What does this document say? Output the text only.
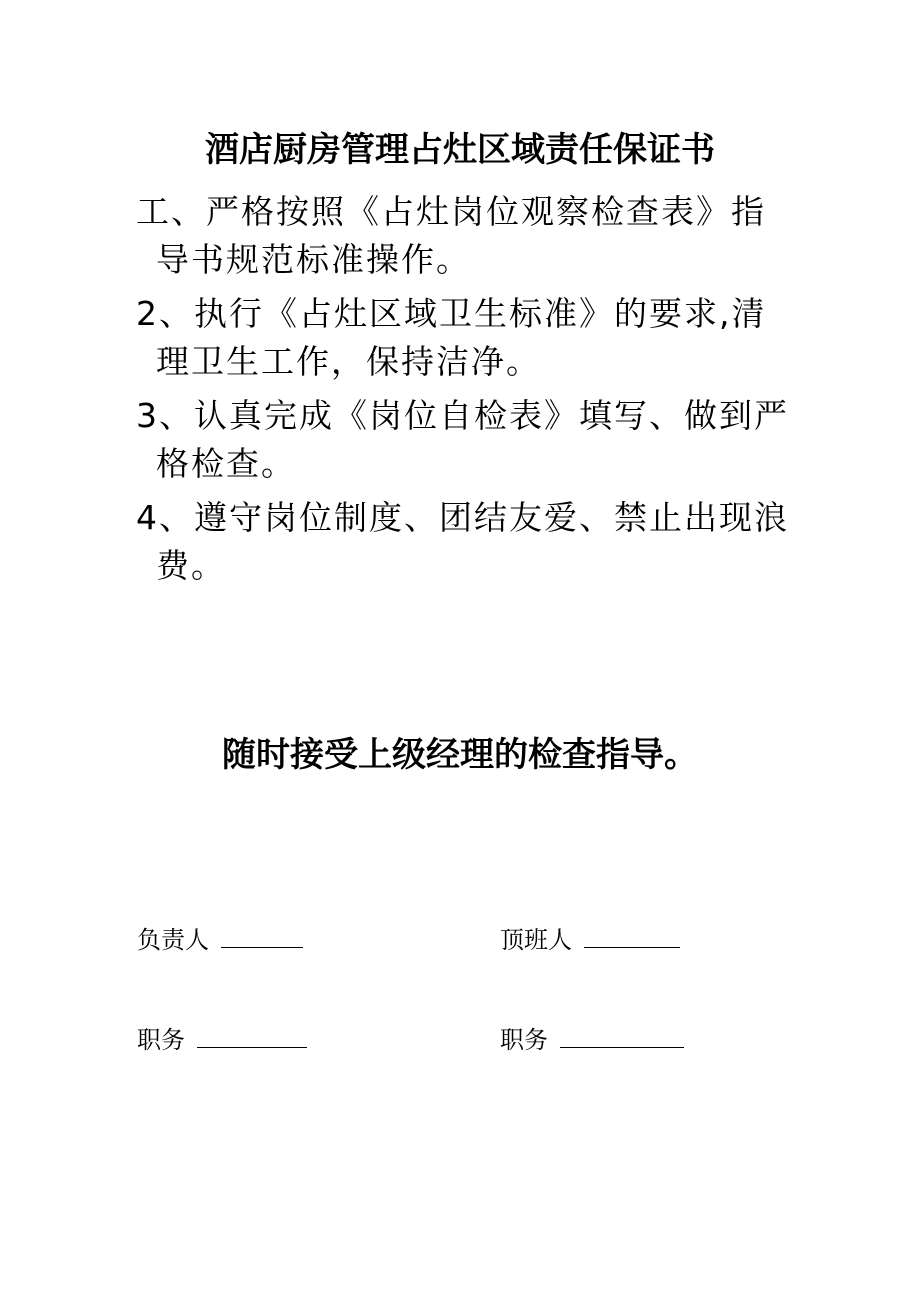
酒店厨房管理占灶区域责任保证书
工、严格按照《占灶岗位观察检查表》指导书规范标准操作。
2、执行《占灶区域卫生标准》的要求,清理卫生工作，保持洁净。
3、认真完成《岗位自检表》填写、做到严格检查。
4、遵守岗位制度、团结友爱、禁止出现浪费。
随时接受上级经理的检查指导。
负责人	顶班人
职务	职务
